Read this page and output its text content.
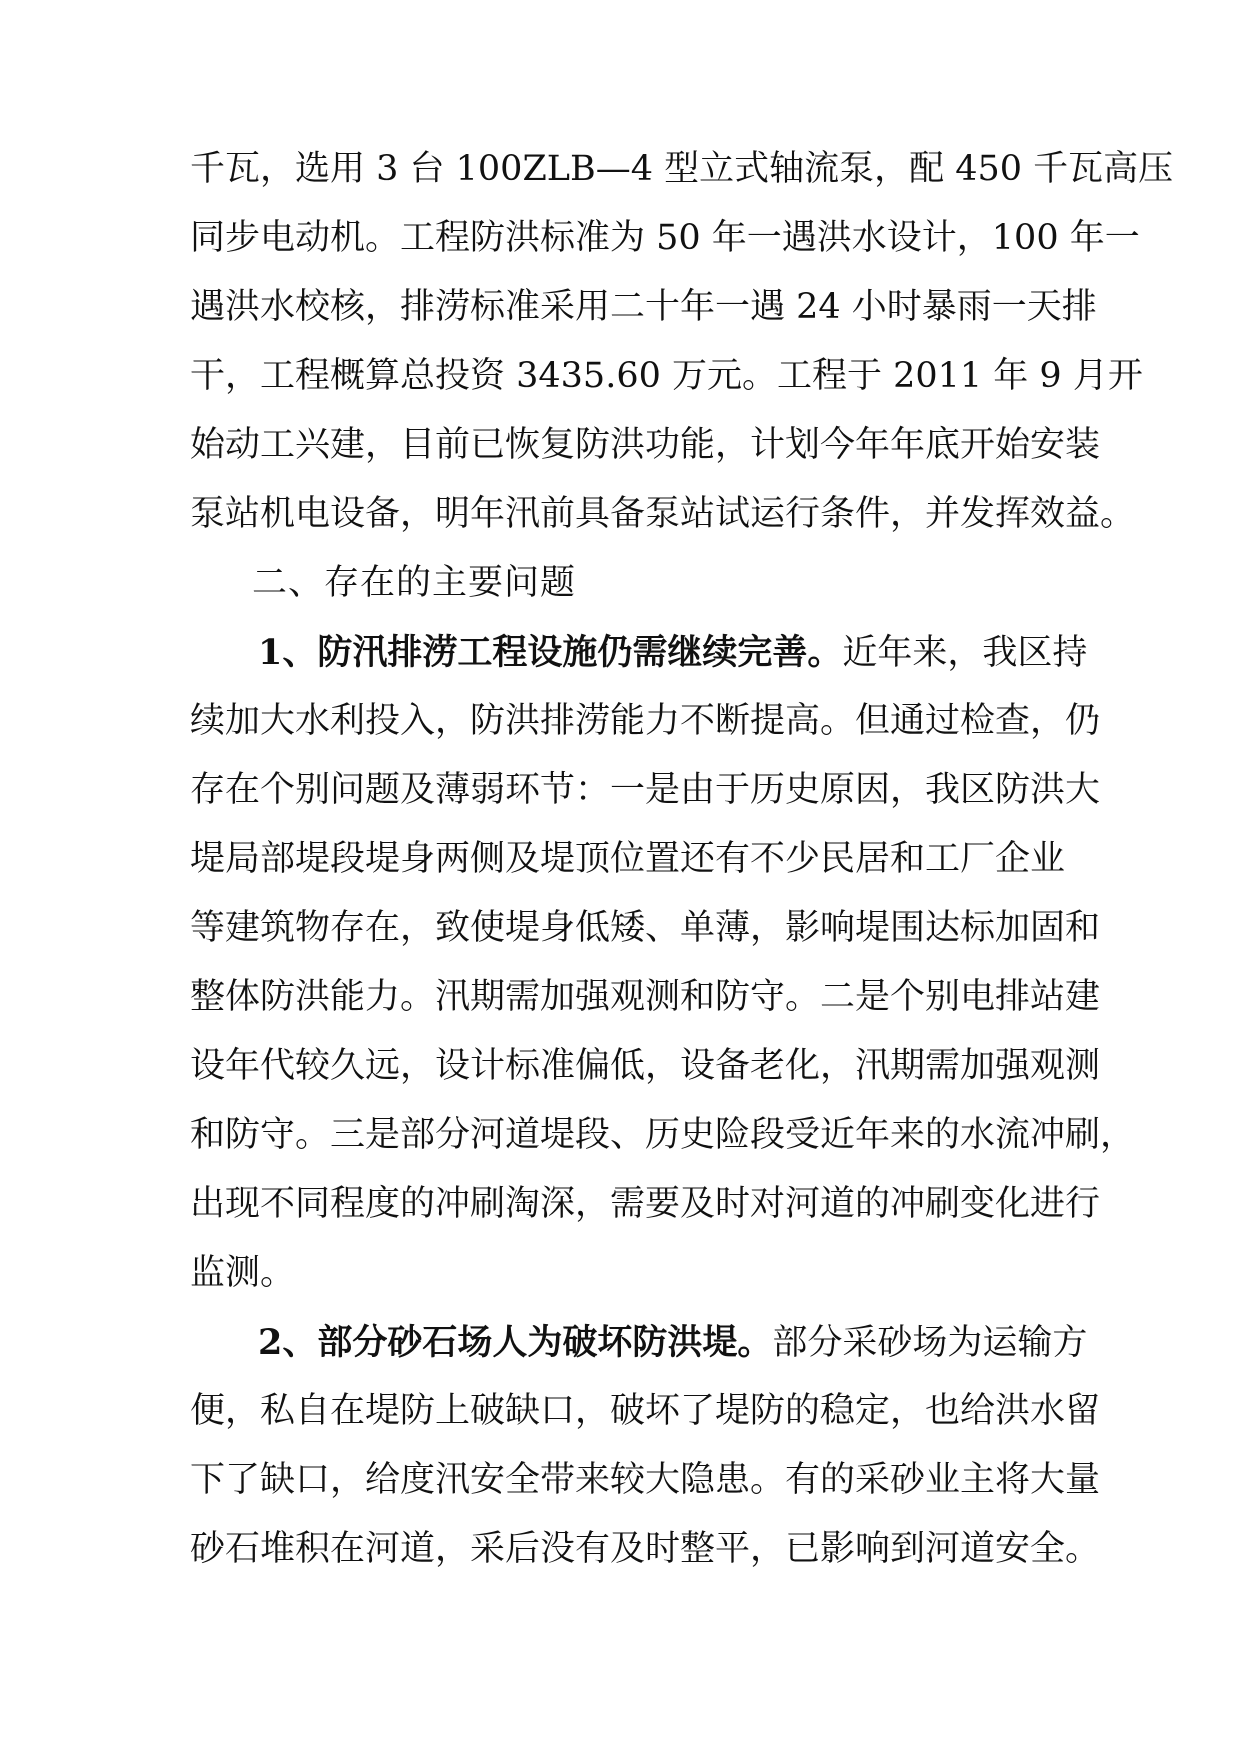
千瓦，选用 3 台 100ZLB—4 型立式轴流泵，配 450 千瓦高压
同步电动机。工程防洪标准为 50 年一遇洪水设计，100 年一
遇洪水校核，排涝标准采用二十年一遇 24 小时暴雨一天排
干，工程概算总投资 3435.60 万元。工程于 2011 年 9 月开
始动工兴建，目前已恢复防洪功能，计划今年年底开始安装
泵站机电设备，明年汛前具备泵站试运行条件，并发挥效益。
二、存在的主要问题
1、防汛排涝工程设施仍需继续完善。近年来，我区持
续加大水利投入，防洪排涝能力不断提高。但通过检查，仍
存在个别问题及薄弱环节：一是由于历史原因，我区防洪大
堤局部堤段堤身两侧及堤顶位置还有不少民居和工厂企业
等建筑物存在，致使堤身低矮、单薄，影响堤围达标加固和
整体防洪能力。汛期需加强观测和防守。二是个别电排站建
设年代较久远，设计标准偏低，设备老化，汛期需加强观测
和防守。三是部分河道堤段、历史险段受近年来的水流冲刷，
出现不同程度的冲刷淘深，需要及时对河道的冲刷变化进行
监测。
2、部分砂石场人为破坏防洪堤。部分采砂场为运输方
便，私自在堤防上破缺口，破坏了堤防的稳定，也给洪水留
下了缺口，给度汛安全带来较大隐患。有的采砂业主将大量
砂石堆积在河道，采后没有及时整平，已影响到河道安全。
